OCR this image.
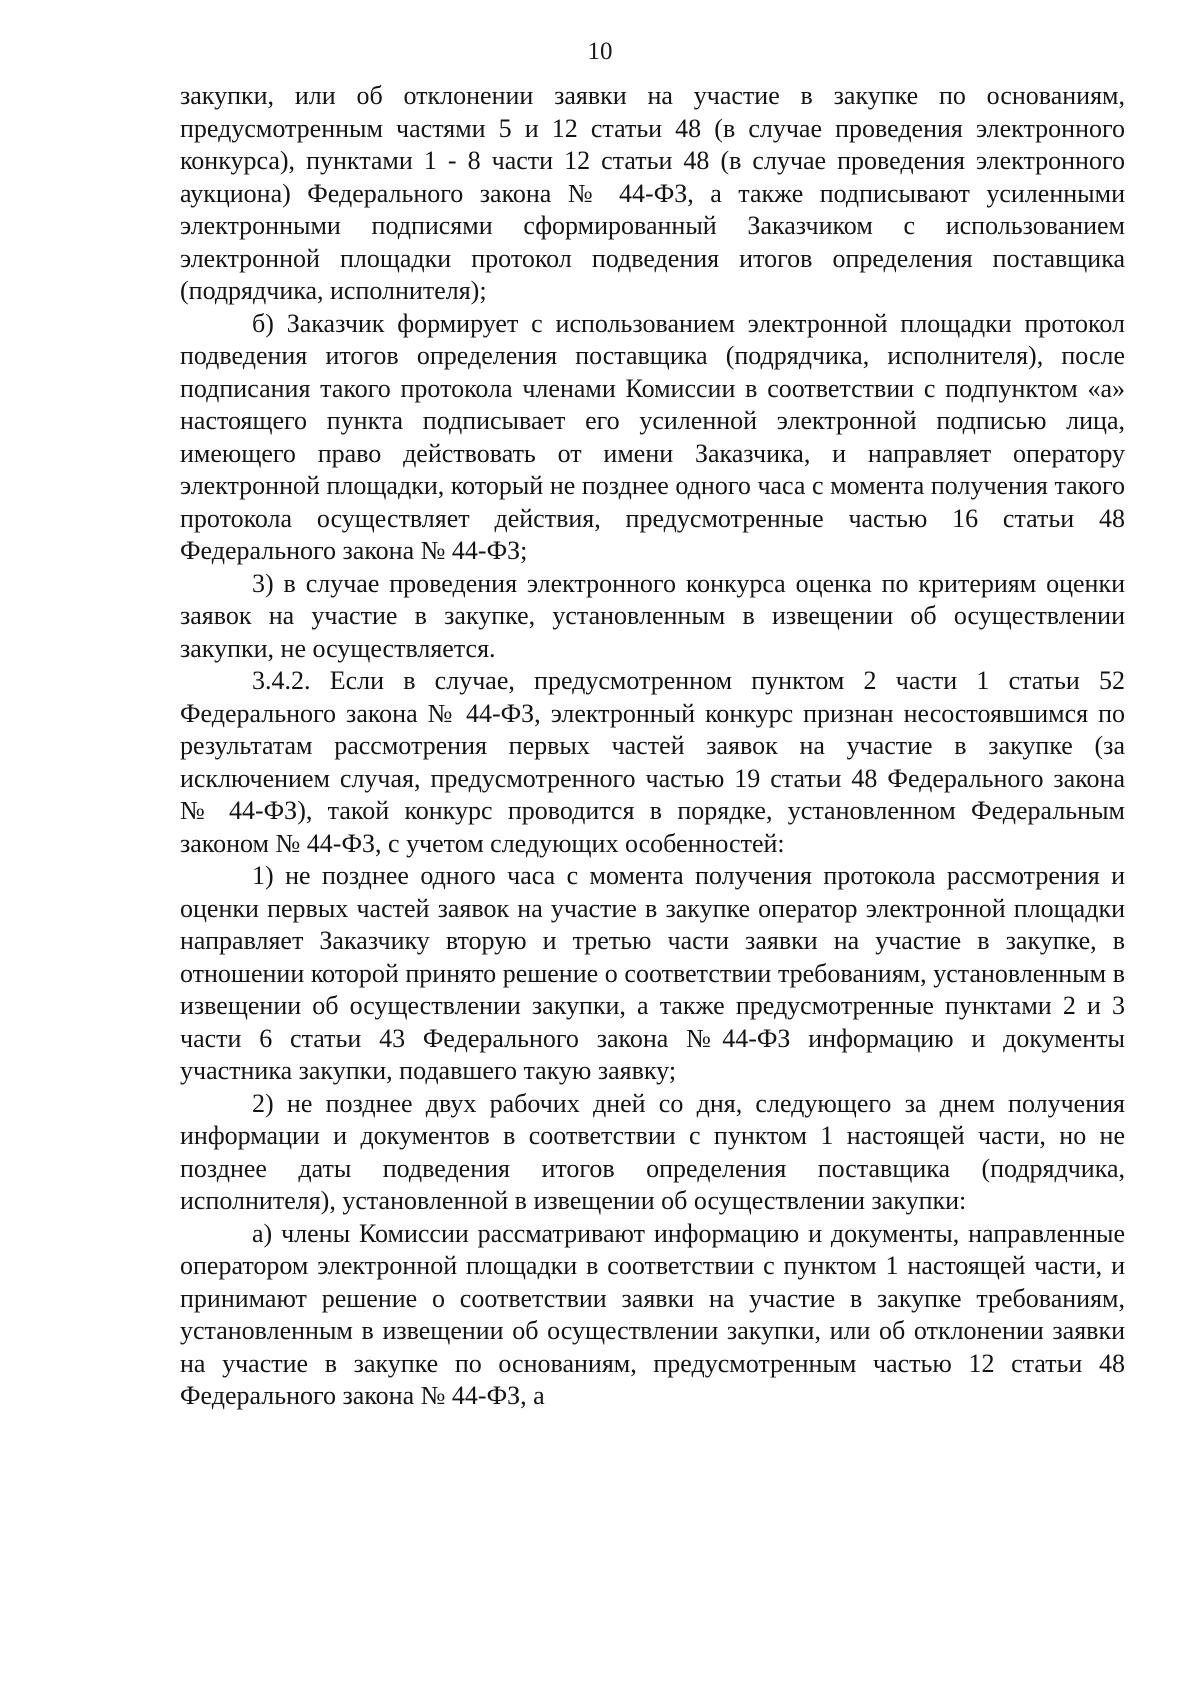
10

закупки, или об отклонении заявки на участие в закупке по основаниям, предусмотренным частями 5 и 12 статьи 48 (в случае проведения электронного конкурса), пунктами 1 - 8 части 12 статьи 48 (в случае проведения электронного аукциона) Федерального закона № 44-ФЗ, а также подписывают усиленными электронными подписями сформированный Заказчиком с использованием электронной площадки протокол подведения итогов определения поставщика (подрядчика, исполнителя);

б) Заказчик формирует с использованием электронной площадки протокол подведения итогов определения поставщика (подрядчика, исполнителя), после подписания такого протокола членами Комиссии в соответствии с подпунктом «а» настоящего пункта подписывает его усиленной электронной подписью лица, имеющего право действовать от имени Заказчика, и направляет оператору электронной площадки, который не позднее одного часа с момента получения такого протокола осуществляет действия, предусмотренные частью 16 статьи 48 Федерального закона № 44-ФЗ;

3) в случае проведения электронного конкурса оценка по критериям оценки заявок на участие в закупке, установленным в извещении об осуществлении закупки, не осуществляется.

3.4.2. Если в случае, предусмотренном пунктом 2 части 1 статьи 52 Федерального закона № 44-ФЗ, электронный конкурс признан несостоявшимся по результатам рассмотрения первых частей заявок на участие в закупке (за исключением случая, предусмотренного частью 19 статьи 48 Федерального закона № 44-ФЗ), такой конкурс проводится в порядке, установленном Федеральным законом № 44-ФЗ, с учетом следующих особенностей:

1) не позднее одного часа с момента получения протокола рассмотрения и оценки первых частей заявок на участие в закупке оператор электронной площадки направляет Заказчику вторую и третью части заявки на участие в закупке, в отношении которой принято решение о соответствии требованиям, установленным в извещении об осуществлении закупки, а также предусмотренные пунктами 2 и 3 части 6 статьи 43 Федерального закона №44-ФЗ информацию и документы участника закупки, подавшего такую заявку;

2) не позднее двух рабочих дней со дня, следующего за днем получения информации и документов в соответствии с пунктом 1 настоящей части, но не позднее даты подведения итогов определения поставщика (подрядчика, исполнителя), установленной в извещении об осуществлении закупки:

а) члены Комиссии рассматривают информацию и документы, направленные оператором электронной площадки в соответствии с пунктом 1 настоящей части, и принимают решение о соответствии заявки на участие в закупке требованиям, установленным в извещении об осуществлении закупки, или об отклонении заявки на участие в закупке по основаниям, предусмотренным частью 12 статьи 48 Федерального закона № 44-ФЗ, а
